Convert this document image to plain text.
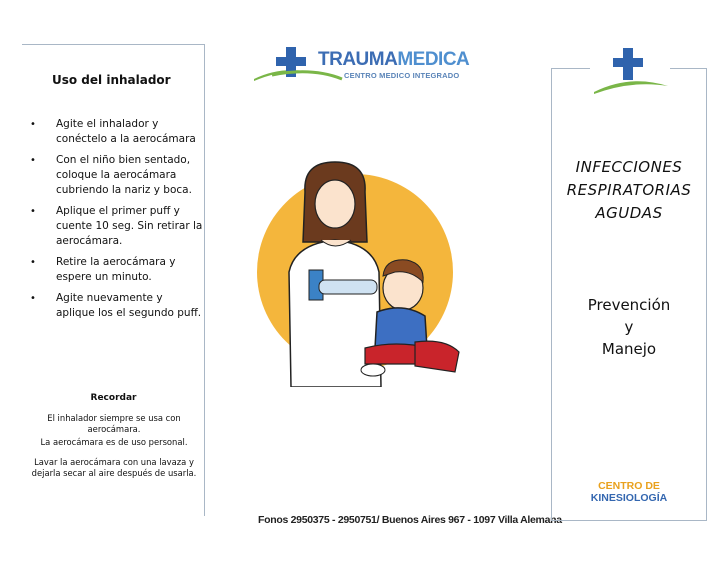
Uso del inhalador
• Agite el inhalador y conéctelo a la aerocámara
• Con el niño bien sentado, coloque la aerocámara cubriendo la nariz y boca.
• Aplique el primer puff y cuente 10 seg. Sin retirar la aerocámara.
• Retire la aerocámara y espere un minuto.
• Agite nuevamente y aplique los el segundo puff.
Recordar
El inhalador siempre se usa con aerocámara.
La aerocámara es de uso personal.
Lavar la aerocámara con una lavaza y dejarla secar al aire después de usarla.
TRAUMAMEDICA
CENTRO MEDICO INTEGRADO
Fonos 2950375 - 2950751/ Buenos Aires 967 - 1097 Villa Alemana
INFECCIONES
RESPIRATORIAS
AGUDAS
Prevención
y
Manejo
CENTRO DE
KINESIOLOGÍA
